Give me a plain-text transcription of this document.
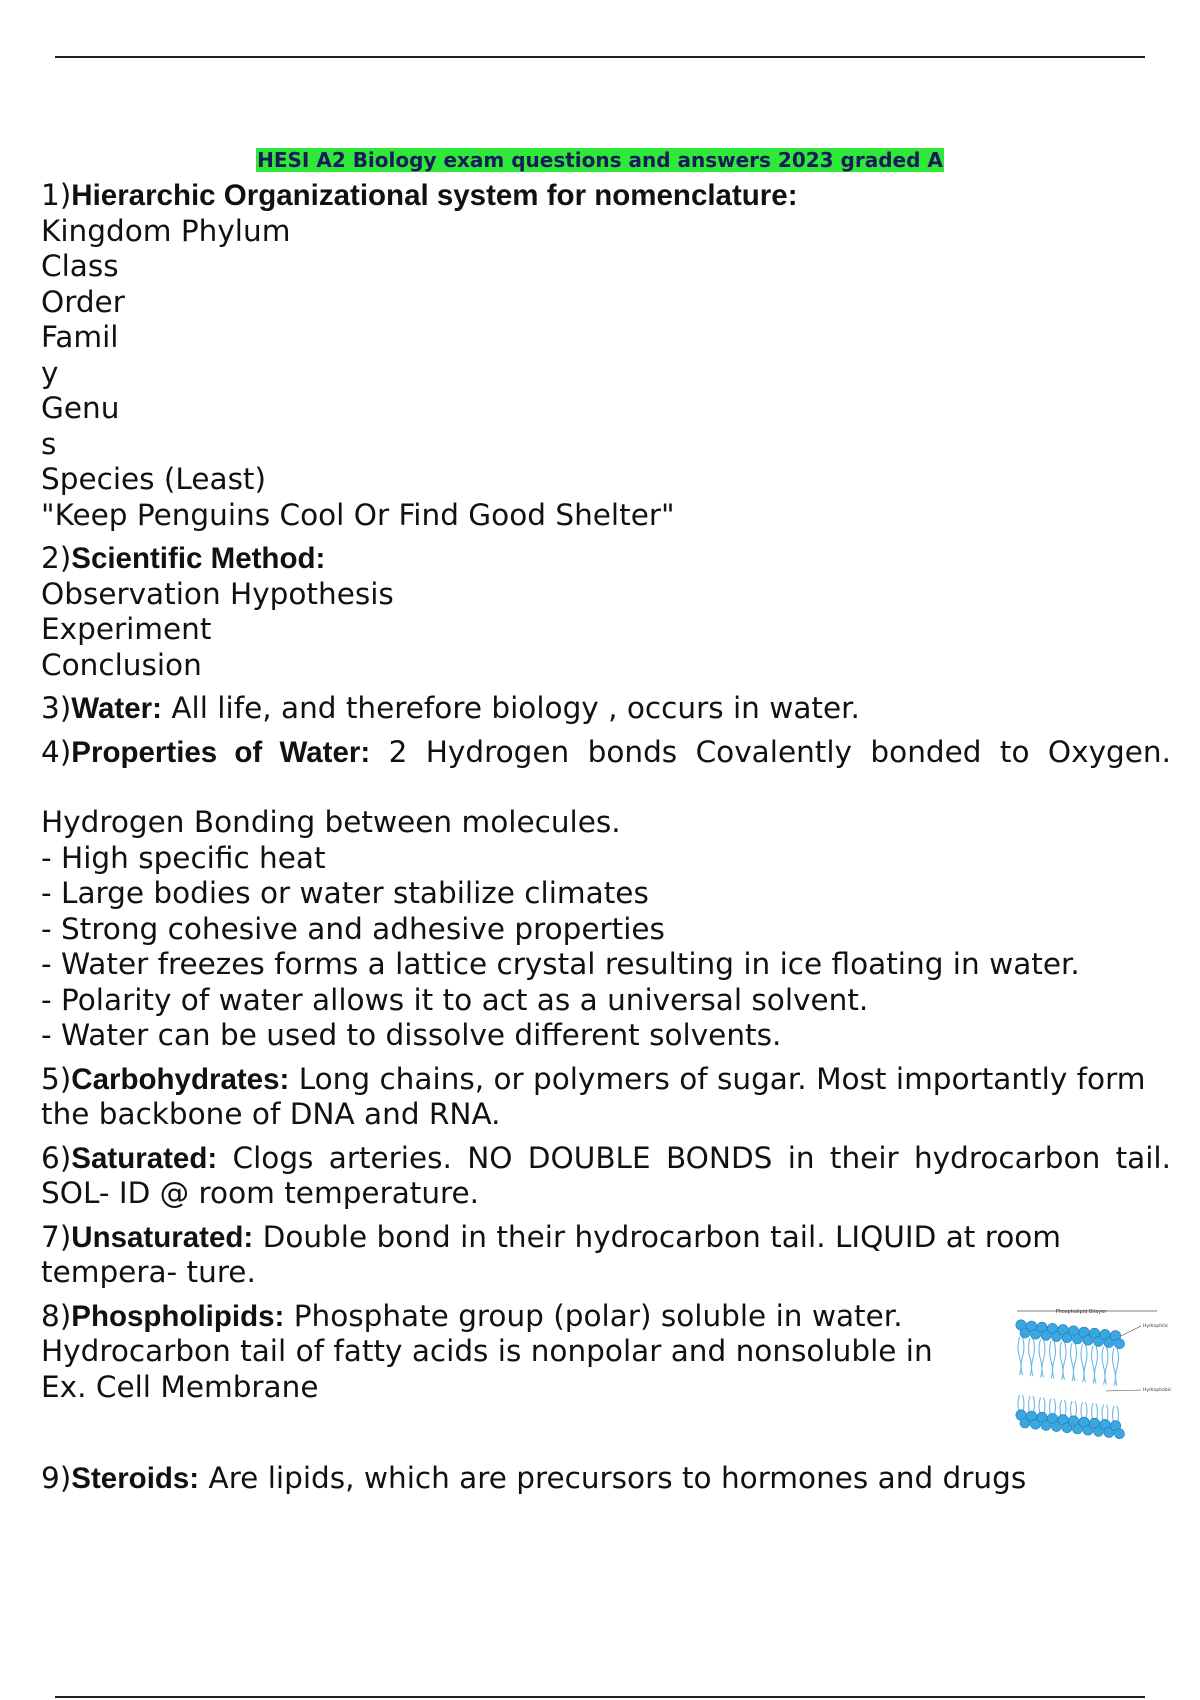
HESI A2 Biology exam questions and answers 2023 graded A

1)Hierarchic Organizational system for nomenclature:

Kingdom Phylum

Class

Order

Famil

y

Genu

s

Species (Least)

"Keep Penguins Cool Or Find Good Shelter"

2)Scientific Method:

Observation Hypothesis

Experiment

Conclusion

3)Water: All life, and therefore biology , occurs in water.

4)Properties of Water: 2 Hydrogen bonds Covalently bonded to Oxygen.

Hydrogen Bonding between molecules.

- High specific heat

- Large bodies or water stabilize climates

- Strong cohesive and adhesive properties

- Water freezes forms a lattice crystal resulting in ice floating in water.

- Polarity of water allows it to act as a universal solvent.

- Water can be used to dissolve different solvents.

5)Carbohydrates: Long chains, or polymers of sugar. Most importantly form the backbone of DNA and RNA.

6)Saturated: Clogs arteries. NO DOUBLE BONDS in their hydrocarbon tail. SOL- ID @ room temperature.

7)Unsaturated: Double bond in their hydrocarbon tail. LIQUID at room tempera- ture.

8)Phospholipids: Phosphate group (polar) soluble in water.

Hydrocarbon tail of fatty acids is nonpolar and nonsoluble in

Ex. Cell Membrane

Phospholipid Bilayer
Hydrophilic
Hydrophobic

9)Steroids: Are lipids, which are precursors to hormones and drugs
